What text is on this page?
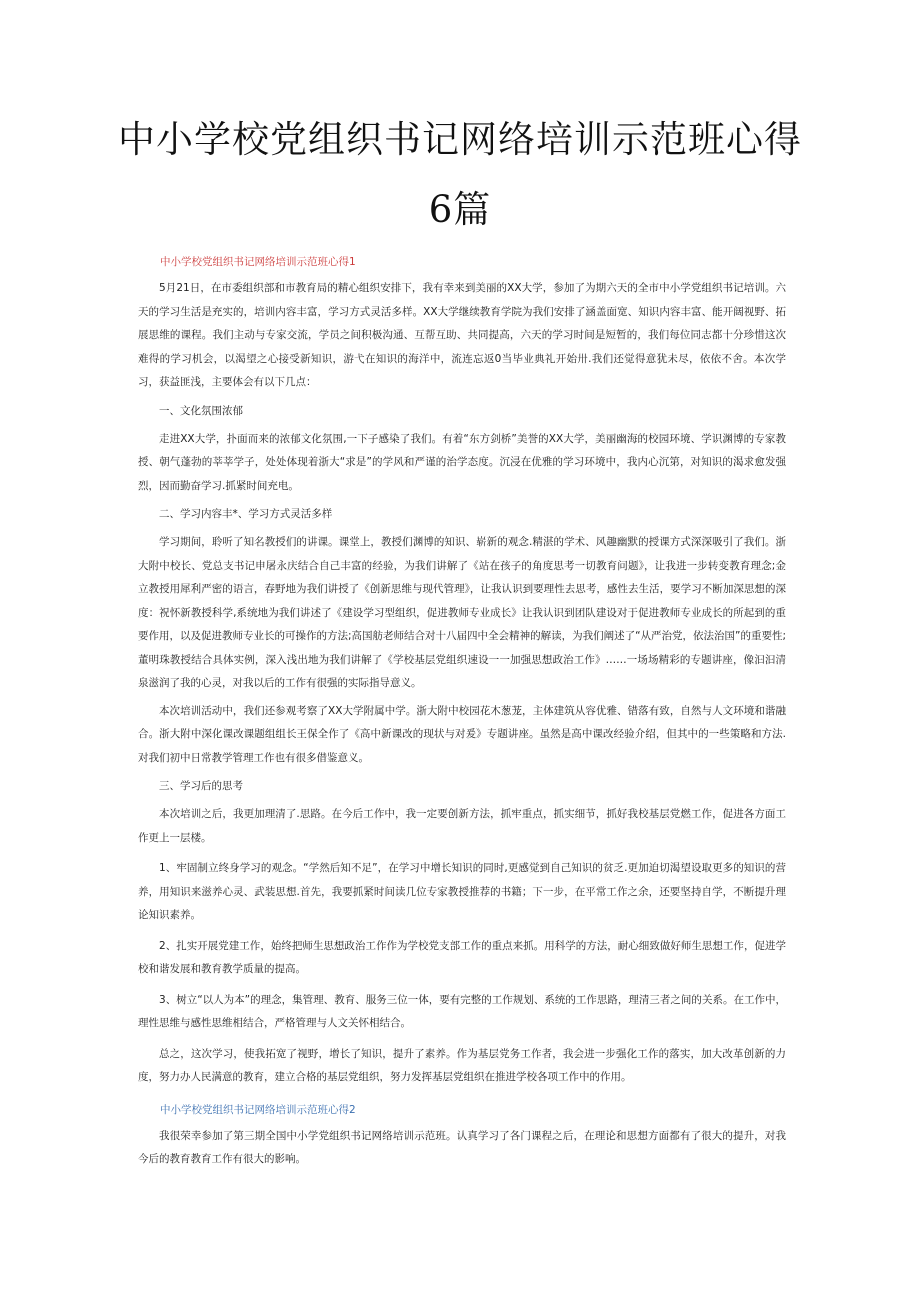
中小学校党组织书记网络培训示范班心得
6篇
中小学校党组织书记网络培训示范班心得1

5月21日，在市委组织部和市教育局的精心组织安排下，我有幸来到美丽的XX大学，参加了为期六天的全市中小学党组织书记培训。六天的学习生活是充实的，培训内容丰富，学习方式灵活多样。XX大学继续教育学院为我们安排了涵盖面宽、知识内容丰富、能开阔视野、拓展思维的课程。我们主动与专家交流，学员之间积极沟通、互帮互助、共同提高，六天的学习时间是短暂的，我们每位同志都十分珍惜这次难得的学习机会，以渴望之心接受新知识，游弋在知识的海洋中，流连忘返0当毕业典礼开始卅.我们还觉得意犹未尽，依依不舍。本次学习，获益匪浅，主要体会有以下几点：

一、文化氛围浓郁

走进XX大学，扑面而来的浓郁文化氛围,一下子感染了我们。有着“东方剑桥”美誉的XX大学，美丽幽海的校园环境、学识渊博的专家教授、朝气蓬勃的莘莘学子，处处体现着浙大“求是”的学风和严谨的治学态度。沉浸在优雅的学习环境中，我内心沉第，对知识的渴求愈发强烈，因而勤奋学习.抓紧时间充电。

二、学习内容丰*、学习方式灵活多样

学习期间，聆听了知名教授们的讲课。课堂上，教授们渊博的知识、崭新的观念.精湛的学术、风趣幽默的授课方式深深吸引了我们。浙大附中校长、党总支书记申屠永庆结合自己丰富的经验，为我们讲解了《站在孩子的角度思考一切教育问题》，让我进一步转变教育理念;金立教授用犀利严密的语言，春野地为我们讲授了《创新思维与现代管理》，让我认识到要理性去思考，感性去生活，要学习不断加深思想的深度：祝怀新教授科学,系统地为我们讲述了《建设学习型组织，促进教师专业成长》让我认识到团队建设对于促进教师专业成长的所起到的重要作用，以及促进教师专业长的可操作的方法;高国舫老师结合对十八届四中全会精神的解读，为我们阐述了“从严治党，依法治国”的重要性;董明珠教授结合具体实例，深入浅出地为我们讲解了《学校基层党组织速设一一加强思想政治工作》……一场场精彩的专题讲座，像汩汩清泉滋润了我的心灵，对我以后的工作有很强的实际指导意义。

本次培训活动中，我们还参观考察了XX大学附属中学。浙大附中校园花木葱茏，主体建筑从容优雅、错落有致，自然与人文环境和谐融合。浙大附中深化课改课题组组长王保全作了《高中新课改的现状与对爰》专题讲座。虽然是高中课改经验介绍，但其中的一些策略和方法.对我们初中日常教学管理工作也有很多借鉴意义。

三、学习后的思考

本次培训之后，我更加理清了.思路。在今后工作中，我一定要创新方法，抓牢重点，抓实细节，抓好我校基层党燃工作，促进各方面工作更上一层楼。

1、牢固制立终身学习的观念。“学然后知不足”，在学习中增长知识的同时,更感觉到自己知识的贫乏.更加迫切渴望设取更多的知识的营养，用知识来滋养心灵、武装思想.首先，我要抓紧时间读几位专家教授推荐的书籍；下一步，在平常工作之余，还要坚持自学，不断提升理论知识素养。

2、扎实开展党建工作，始终把师生思想政治工作作为学校党支部工作的重点来抓。用科学的方法，耐心细致做好师生思想工作，促进学校和谐发展和教育教学质量的提高。

3、树立“以人为本”的理念，集管理、教育、服务三位一体，要有完整的工作规划、系统的工作思路，理清三者之间的关系。在工作中，理性思维与感性思维相结合，严格管理与人文关怀相结合。

总之，这次学习，使我拓宽了视野，增长了知识，提升了素养。作为基层党务工作者，我会进一步强化工作的落实，加大改革创新的力度，努力办人民满意的教育，建立合格的基层党组织，努力发挥基层党组织在推进学校各项工作中的作用。

中小学校党组织书记网络培训示范班心得2

我很荣幸参加了第三期全国中小学党组织书记网络培训示范班。认真学习了各门课程之后，在理论和思想方面都有了很大的提升，对我今后的教育教育工作有很大的影响。
